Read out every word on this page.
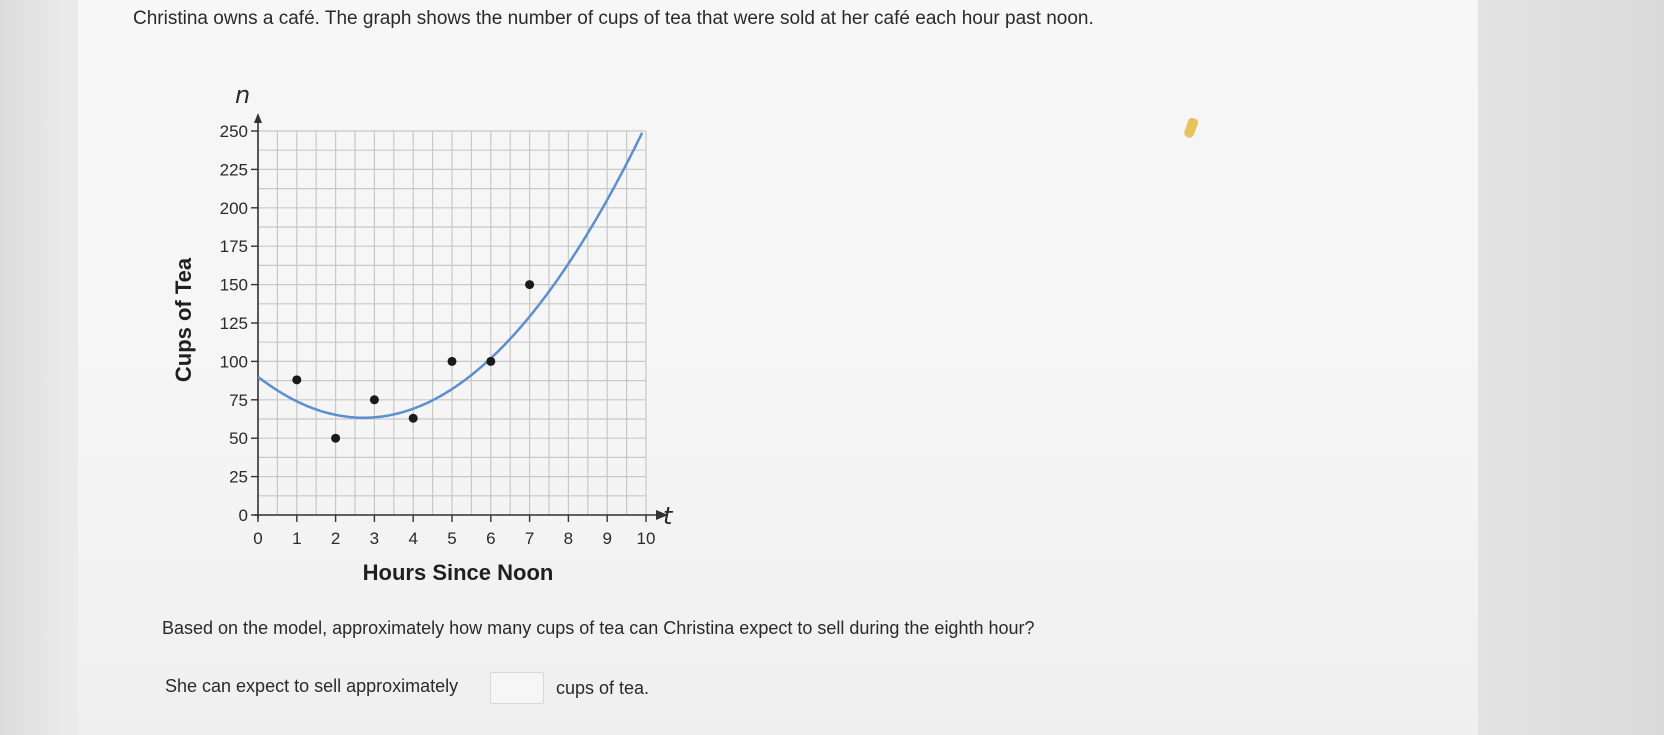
Christina owns a café. The graph shows the number of cups of tea that were sold at her café each hour past noon.
0
25
50
75
100
125
150
175
200
225
250
0 1 2 3 4 5 6 7 8 9 10
Cups of Tea
Hours Since Noon
n
t
Based on the model, approximately how many cups of tea can Christina expect to sell during the eighth hour?
She can expect to sell approximately	cups of tea.
